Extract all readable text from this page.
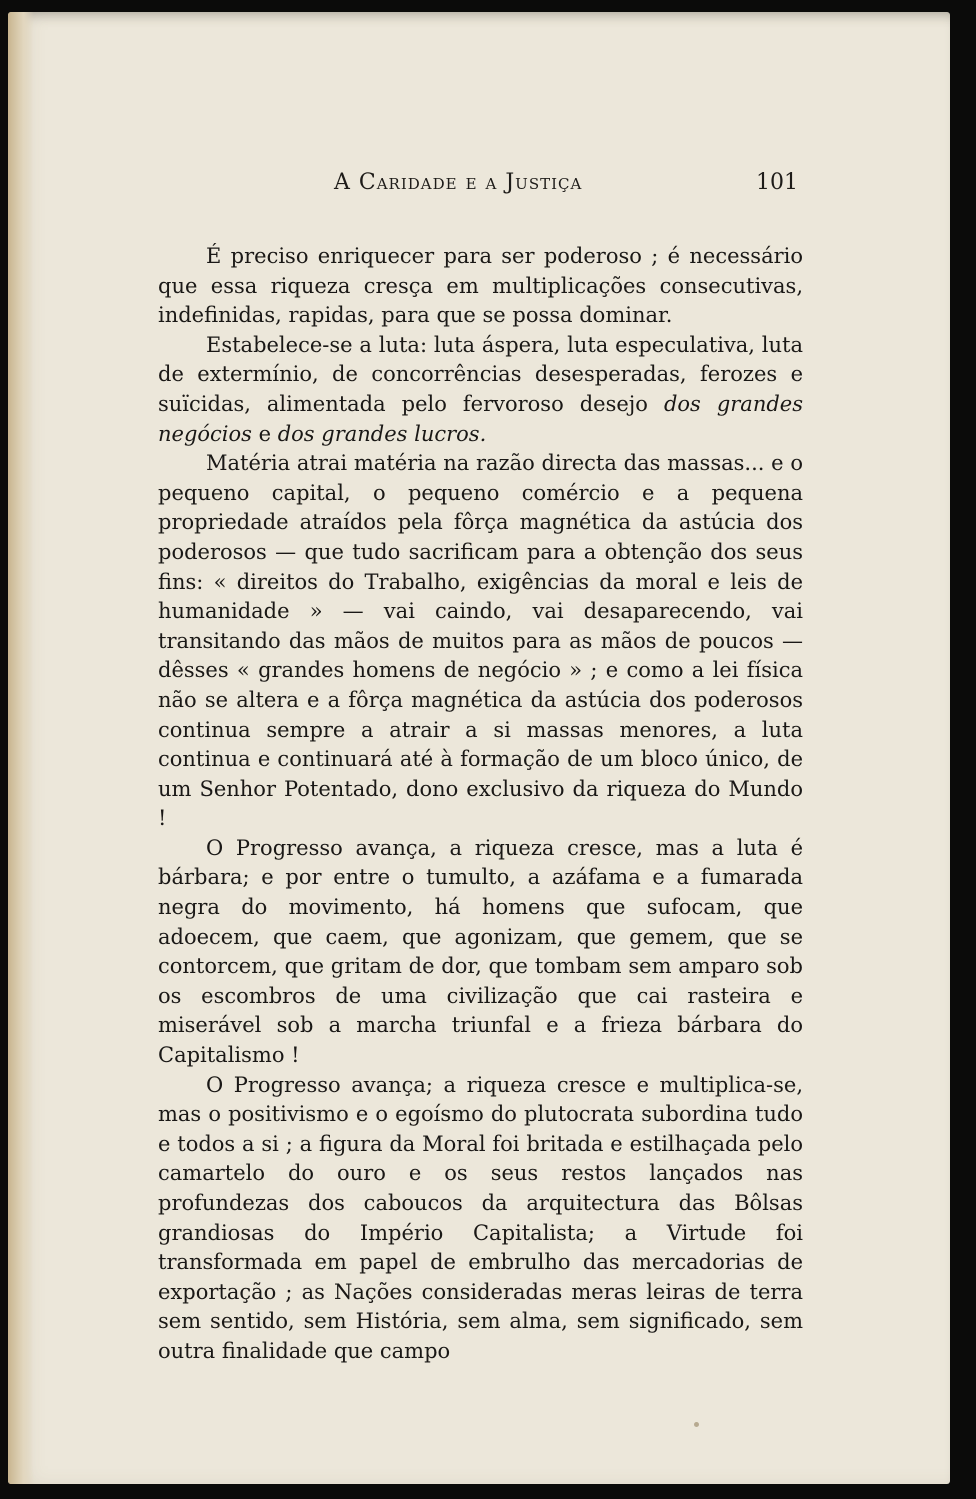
A Caridade e a Justiça	101

É preciso enriquecer para ser poderoso ; é necessário que essa riqueza cresça em multiplicações consecutivas, indefinidas, rapidas, para que se possa dominar.

Estabelece-se a luta: luta áspera, luta especulativa, luta de extermínio, de concorrências desesperadas, ferozes e suïcidas, alimentada pelo fervoroso desejo dos grandes negócios e dos grandes lucros.

Matéria atrai matéria na razão directa das massas... e o pequeno capital, o pequeno comércio e a pequena propriedade atraídos pela fôrça magnética da astúcia dos poderosos — que tudo sacrificam para a obtenção dos seus fins: « direitos do Trabalho, exigências da moral e leis de humanidade » — vai caindo, vai desaparecendo, vai transitando das mãos de muitos para as mãos de poucos — dêsses « grandes homens de negócio » ; e como a lei física não se altera e a fôrça magnética da astúcia dos poderosos continua sempre a atrair a si massas menores, a luta continua e continuará até à formação de um bloco único, de um Senhor Potentado, dono exclusivo da riqueza do Mundo !

O Progresso avança, a riqueza cresce, mas a luta é bárbara; e por entre o tumulto, a azáfama e a fumarada negra do movimento, há homens que sufocam, que adoecem, que caem, que agonizam, que gemem, que se contorcem, que gritam de dor, que tombam sem amparo sob os escombros de uma civilização que cai rasteira e miserável sob a marcha triunfal e a frieza bárbara do Capitalismo !

O Progresso avança; a riqueza cresce e multiplica-se, mas o positivismo e o egoísmo do plutocrata subordina tudo e todos a si ; a figura da Moral foi britada e estilhaçada pelo camartelo do ouro e os seus restos lançados nas profundezas dos caboucos da arquitectura das Bôlsas grandiosas do Império Capitalista; a Virtude foi transformada em papel de embrulho das mercadorias de exportação ; as Nações consideradas meras leiras de terra sem sentido, sem História, sem alma, sem significado, sem outra finalidade que campo
